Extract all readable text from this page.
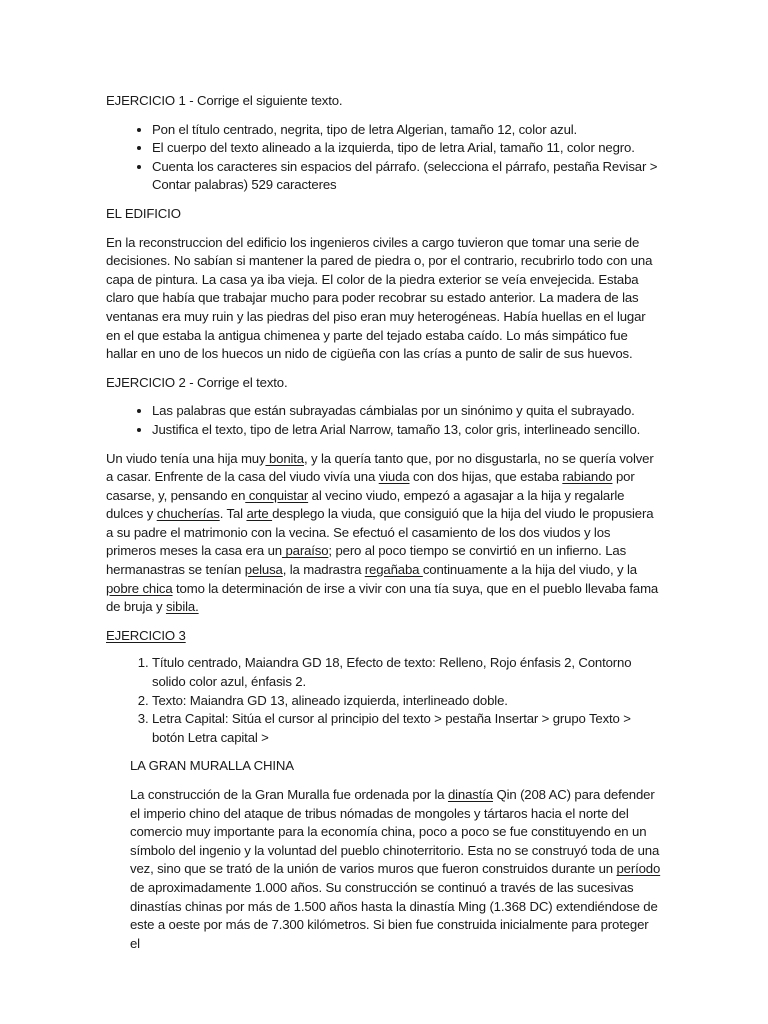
EJERCICIO 1 - Corrige el siguiente texto.

• Pon el título centrado, negrita, tipo de letra Algerian, tamaño 12, color azul.
• El cuerpo del texto alineado a la izquierda, tipo de letra Arial, tamaño 11, color negro.
• Cuenta los caracteres sin espacios del párrafo. (selecciona el párrafo, pestaña Revisar > Contar palabras) 529 caracteres

EL EDIFICIO

En la reconstruccion del edificio los ingenieros civiles a cargo tuvieron que tomar una serie de decisiones. No sabían si mantener la pared de piedra o, por el contrario, recubrirlo todo con una capa de pintura. La casa ya iba vieja. El color de la piedra exterior se veía envejecida. Estaba claro que había que trabajar mucho para poder recobrar su estado anterior. La madera de las ventanas era muy ruin y las piedras del piso eran muy heterogéneas. Había huellas en el lugar en el que estaba la antigua chimenea y parte del tejado estaba caído. Lo más simpático fue hallar en uno de los huecos un nido de cigüeña con las crías a punto de salir de sus huevos.

EJERCICIO 2 - Corrige el texto.

• Las palabras que están subrayadas cámbialas por un sinónimo y quita el subrayado.
• Justifica el texto, tipo de letra Arial Narrow, tamaño 13, color gris, interlineado sencillo.

Un viudo tenía una hija muy bonita, y la quería tanto que, por no disgustarla, no se quería volver a casar. Enfrente de la casa del viudo vivía una viuda con dos hijas, que estaba rabiando por casarse, y, pensando en conquistar al vecino viudo, empezó a agasajar a la hija y regalarle dulces y chucherías. Tal arte desplego la viuda, que consiguió que la hija del viudo le propusiera a su padre el matrimonio con la vecina. Se efectuó el casamiento de los dos viudos y los primeros meses la casa era un paraíso; pero al poco tiempo se convirtió en un infierno. Las hermanastras se tenían pelusa, la madrastra regañaba continuamente a la hija del viudo, y la pobre chica tomo la determinación de irse a vivir con una tía suya, que en el pueblo llevaba fama de bruja y sibila.

EJERCICIO 3

1. Título centrado, Maiandra GD 18, Efecto de texto: Relleno, Rojo énfasis 2, Contorno solido color azul, énfasis 2.
2. Texto: Maiandra GD 13, alineado izquierda, interlineado doble.
3. Letra Capital: Sitúa el cursor al principio del texto > pestaña Insertar > grupo Texto > botón Letra capital >

LA GRAN MURALLA CHINA

La construcción de la Gran Muralla fue ordenada por la dinastía Qin (208 AC) para defender el imperio chino del ataque de tribus nómadas de mongoles y tártaros hacia el norte del comercio muy importante para la economía china, poco a poco se fue constituyendo en un símbolo del ingenio y la voluntad del pueblo chinoterritorio. Esta no se construyó toda de una vez, sino que se trató de la unión de varios muros que fueron construidos durante un período de aproximadamente 1.000 años. Su construcción se continuó a través de las sucesivas dinastías chinas por más de 1.500 años hasta la dinastía Ming (1.368 DC) extendiéndose de este a oeste por más de 7.300 kilómetros. Si bien fue construida inicialmente para proteger el
